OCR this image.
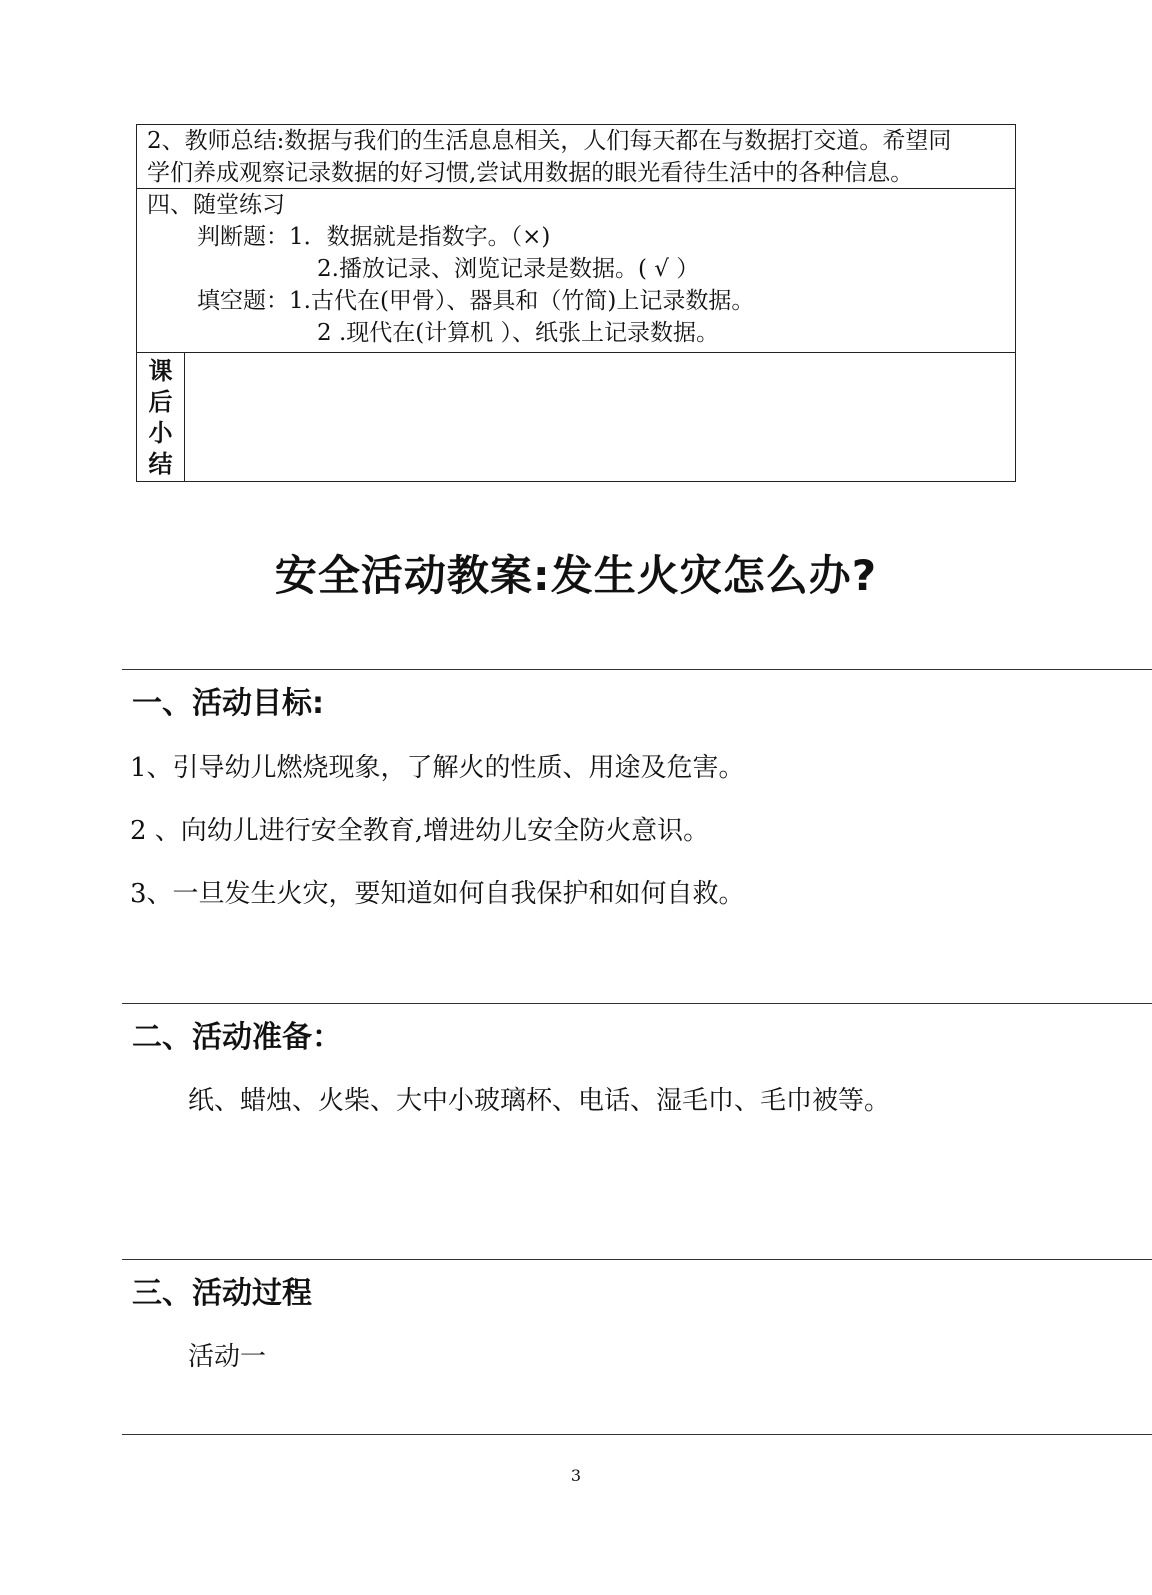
2、教师总结:数据与我们的生活息息相关，人们每天都在与数据打交道。希望同
学们养成观察记录数据的好习惯,尝试用数据的眼光看待生活中的各种信息。
四、随堂练习
判断题：1．数据就是指数字。（×)
2.播放记录、浏览记录是数据。( √ ）
填空题：1.古代在(甲骨）、器具和（竹简)上记录数据。
2 .现代在(计算机 ）、纸张上记录数据。
课
后
小
结
安全活动教案:发生火灾怎么办?
一、活动目标:
1、引导幼儿燃烧现象，了解火的性质、用途及危害。
2 、向幼儿进行安全教育,增进幼儿安全防火意识。
3、一旦发生火灾，要知道如何自我保护和如何自救。
二、活动准备：
纸、蜡烛、火柴、大中小玻璃杯、电话、湿毛巾、毛巾被等。
三、活动过程
活动一
3
